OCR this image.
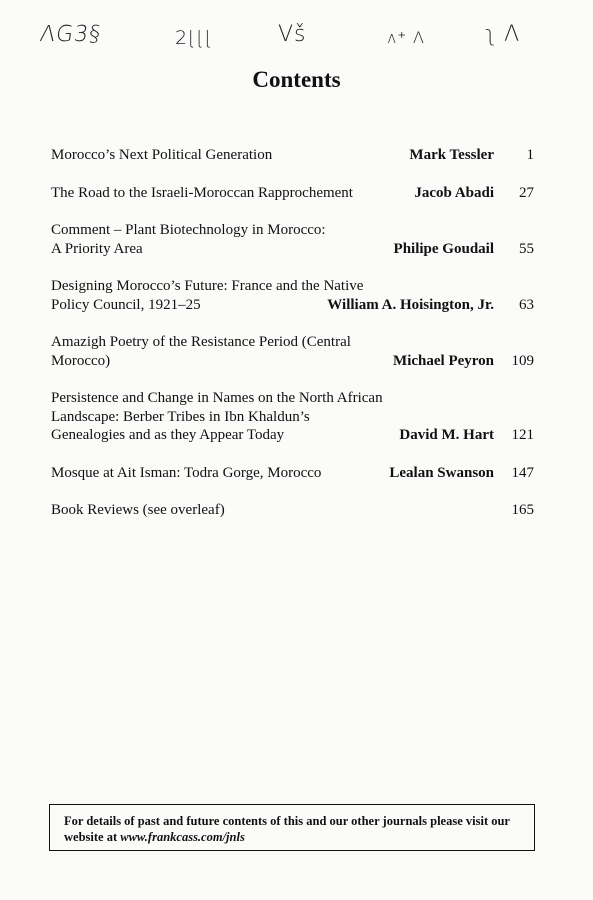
ΛG3§	2ɭɭɭ	Vš	ʌ⁺ Λ	ʅ Λ
Contents
Morocco’s Next Political Generation	Mark Tessler 1
The Road to the Israeli-Moroccan Rapprochement	Jacob Abadi 27
Comment – Plant Biotechnology in Morocco:
A Priority Area	Philipe Goudail 55
Designing Morocco’s Future: France and the Native
Policy Council, 1921–25	William A. Hoisington, Jr. 63
Amazigh Poetry of the Resistance Period (Central
Morocco)	Michael Peyron 109
Persistence and Change in Names on the North African
Landscape: Berber Tribes in Ibn Khaldun’s
Genealogies and as they Appear Today	David M. Hart 121
Mosque at Ait Isman: Todra Gorge, Morocco	Lealan Swanson 147
Book Reviews (see overleaf)	165
For details of past and future contents of this and our other journals please visit our website at www.frankcass.com/jnls
